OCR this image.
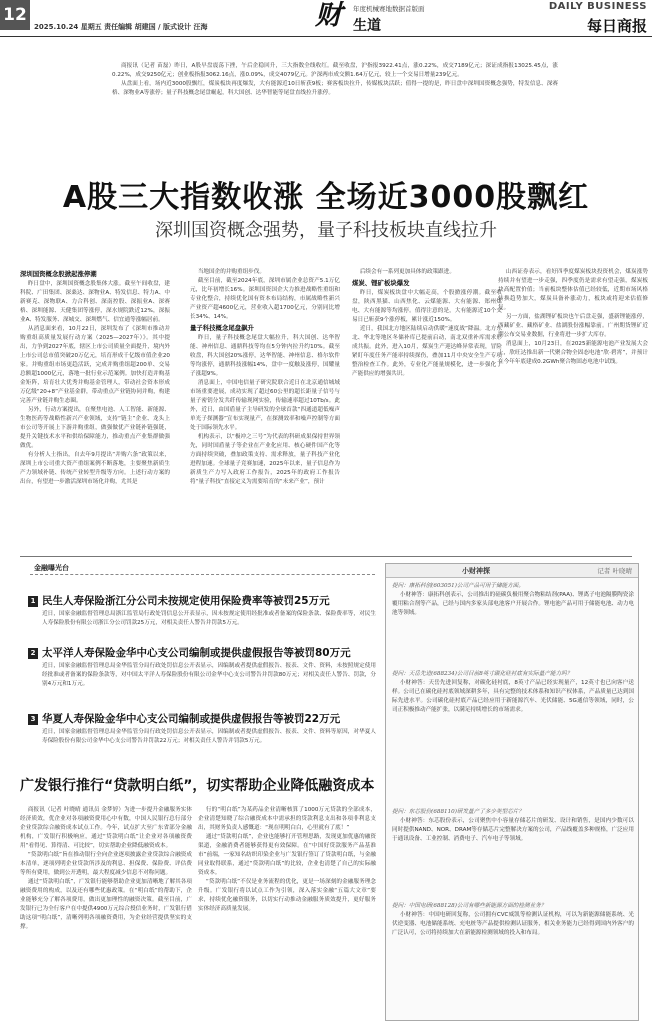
12
2025.10.24 星期五 责任编辑 胡建国 / 版式设计 汪海	财 年度机械赛地数据首版面
生道
DAILY BUSINESS
每日商报

商报讯（记者 苗磊）昨日，A股早盘震荡下挫，午后企稳回升，三大指数全线收红。截至收盘，沪指报3922.41点，涨0.22%，成交7189亿元；深证成指报13025.45点，涨0.22%，成交9250亿元；创业板指报3062.16点，涨0.09%，成交4079亿元。沪深两市成交额1.64万亿元，较上一个交易日增量239亿元。

从盘面上看，场内近3000股飘红，煤炭板块再度爆发，大有能源近10日斩获9板；赛客板块拉升，传媒板块活跃；值得一提的是，昨日盘中深圳国资概念强势，特发信息、深赛格、深物业A等涨停；量子科技概念尾盘崛起，科大国创、达华智能等尾盘直线拉升涨停。

A股三大指数收涨 全场近3000股飘红
深圳国资概念强势，量子科技板块直线拉升
深圳国资概念股掀起涨停潮

昨日盘中，深圳国资概念股集体大涨。截至午间收盘，建科院、广田集团、深桑达、深物业A、特发信息、特力A、中新赛克、深物联A、力合科创、深南控股、深振业A、深赛格、深圳能源、天健集团等涨停，深水规院跌近12%，深振业A、特发服务、深城交、深圳燃气、信宜通等涨幅居前。

从消息面来看，10月22日，深圳发布了《深圳市推动并购重组高质量发展行动方案（2025—2027年）》。其中提出，力争到2027年底，辖区上市公司质量全面提升，境内外上市公司总市值突破20万亿元，培育形成千亿级市值企业20家。并购重组市场更趋活跃，完成并购重组超200单、交易总额超1000亿元，落地一批行业示范案例。加快打造并购基金矩阵，培育壮大优秀并购基金管理人，带动社会资本形成万亿级“20+8”产业基金群，带动重点产业链协同并购，构建完善产业链并购生态圈。

另外，行动方案提出，在聚焦电池、人工智能、新能源、生物医药等战略性新兴产业领域，支持“链主”企业、龙头上市公司等开展上下游并购重组，做强做优产业链补链强链，提升关键技术水平和供给保障能力，推动重点产业集群做强做优。

有分析人士指出，自去年9月提出“并购六条”政策以来，深圳上市公司重大资产重组案例不断落地，主要聚焦新质生产力领域补链、传统产业转型升级等方向。上述行动方案的出台，有望进一步激活深圳市场化并购，尤其是

当地国企的并购重组步伐。

截至目前，截至2024年底，深圳市属企业总资产5.1万亿元，比年初增长16%。深圳国资国企大力推进战略性重组和专业化整合，持续优化国有资本布局结构，市属战略性新兴产业资产超4600亿元，营业收入超1700亿元，分别同比增长34%、14%。

量子科技概念尾盘飙升

昨日，量子科技概念尾盘大幅拉升，科大国创、达华智能、神州信息、通鼎科技等均在5分钟内拉升约10%。截至收盘，科大国创20%涨停，达华智能、神州信息、格尔软件等均涨停，通鼎科技涨幅14%，盘中一度触及涨停，国耀量子涨超9%。

消息面上，中国电信量子研究院联合近日在北京通信城域市场重要进展，成功实现了超过60公里的超长距量子信号与量子密钥分发共纤传输现网实验，传输速率超过10Tb/s。此外，近日，由国盾量子主导研发的全球首款“四通道超低噪声单光子探测器”宣布实现量产，在探测效率和噪声控制等方面处于国际领先水平。

机构表示，以“极冲之三号”为代表的科研成果保持世界领先，同时国盾量子等企业在产业化应用、核心硬件国产化等方面持续突破，叠加政策支持、需求释放，量子科技产业化进程加速。全球量子竞赛加速，2025年以来，量子信息作为新质生产力写入政府工作报告，2025年的政府工作报告将“量子科技”直接定义为需要培育的“未来产业”，预计

后续会有一系列更加具体的政策跟进。

煤炭、锂矿板块爆发

昨日，煤炭板块盘中大幅走高，个股掀涨停潮。截至收盘，陕西黑猫、山西焦化、云煤能源、大有能源、郑州煤电、大有能源等均涨停。值得注意的是，大有能源近10个交易日已斩获9个涨停板，累计涨近150%。

近日，我国北方地区陆续启动供暖“速度战”降温。北方东北、华北等地区冬储补库已提前启动，南北双重补库需求形成共振。此外，进入10月，煤炭生产迎达峰异常表现，冒险紧盯年度任务产能率持续探伤，叠加11月中央安全生产专项整治检查工作。此外，专业化产能量规模化，进一步强化了产能供应的增强共识。

山西证券表示，看好四季度煤炭板块投资机会，煤炭涨势持续并有望进一步走强，四季度仍是需求有望走强，煤炭板块高配置价值；当前板块整体估值已经较低，近期市场风格转换趋势加大，煤炭具备补涨动力，板块或将迎来估值修复。

另一方面，盐湖锂矿板块也午后盘走强，盛新锂能涨停，西藏矿业、藏格矿业、盐湖股份涨幅靠前。广州期货锂矿近期公布交易业数据，行业将进一步扩大库存。

消息面上，10月23日，在2025新能源电池产业发展大会上，欣旺达推出新一代聚合物全固态电池“欣·碧霄”，并预计在今年年底建成0.2GWh聚合物固态电池中试线。

金融曝光台
1 民生人寿保险浙江分公司未按规定使用保险费率等被罚25万元
近日，国家金融监督管理总局浙江监管局行政处罚信息公开表显示，因未按规定使用经批准或者备案的保险条款、保险费率等，对民生人寿保险股份有限公司浙江分公司罚款25万元，对相关责任人警告并罚款5万元。
2 太平洋人寿保险金华中心支公司编制或提供虚假报告等被罚80万元
近日，国家金融监督管理总局金华监管分局行政处罚信息公开表显示，因编制或者提供虚假报告、报表、文件、资料，未按照规定使用经批准或者备案的保险条款等，对中国太平洋人寿保险股份有限公司金华中心支公司警告并罚款80万元；对相关责任人警告、罚款，分别4万元和1万元。
3 华夏人寿保险金华中心支公司编制或提供虚假报告等被罚22万元
近日，国家金融监督管理总局金华监管分局行政处罚信息公开表显示，因编制或者提供虚假报告、报表、文件、资料等原因，对华夏人寿保险股份有限公司金华中心支公司警告并罚款22万元；对相关责任人警告并罚款5万元。
广发银行推行“贷款明白纸”，切实帮助企业降低融资成本

商报讯（记者 叶晓晴 通讯员 金梦婷）为进一步提升金融服务实体经济质效，优企业对各项融资费用心中有数，中国人民银行总行部分企业贷款综合融资成本试点工作。今年，试点扩大至广东省部分金融机构，广发银行积极响应，通过“贷款明白纸”让企业对各项融资费用“看得见、算得清、可比较”，切实帮助企业降低融资成本。

“贷款明白纸”旨在推动银行全向企业逐项披露企业贷款综合融资成本清单，逐项列明企业贷款所涉及的利息、担保费、保险费、评估费等所有费用，做到公开透明，最大程度减少信息不对称问题。

通过“贷款明白纸”，广发银行能够帮助企业更加清晰地了解其各项融资费用的构成，以及还有哪些优惠政策。在“明白纸”的帮助下，企业能够充分了解各项费用，做出更加理性的融资决策。截至目前，广发银行已为全行客户在中提供4900万元综合授信业务时，广发银行借助这项“明白纸”，清晰列明各项融资费用，为企业经营提供坚实的支撑。

行的“明白纸”为某药品企业清晰核算了1000万元贷款的全部成本，企业清楚知晓了综合融资成本中需承担的贷款利息支出和各项非利息支出，其财务负责人感慨道：“现在明明白白，心里就有了底！”

通过“贷款明白纸”，企业也能够打开管理思路，发现更加优惠的融资渠道，金融消费者能够获得更有效保障。在“中国好贷款服务产品基准市”前端，一家知名纺织印染企业与广发银行签订了贷款明白纸，与金融同业取得联系，通过“贷款明白纸”的比较，企业也清楚了自己的实际融资成本。

“贷款明白纸”不仅是业务流程的优化，更是一场深刻的金融服务理念升级。广发银行将以试点工作为引领，深入落实金融“五篇大文章”要求，持续优化融资服务，以切实行动推动金融服务质效提升，更好服务实体经济高质量发展。

小财神探	记者 叶晓晴

提问：康拓科创(603051)公司产品可用于储能方面。

小财神答：康拓科创表示，公司推出的硅碳负极用聚合物粘结剂(PAA)、锂离子电池隔膜陶瓷涂覆用粘合剂等产品，已经与国内多家头部电池客户开展合作。锂电池产品可用于储能电池、动力电池等领域。

提问：天岳先进(688234)公司目前8英寸碳化硅衬底有实际量产能力吗？

小财神答：天岳先进回复称，对碳化硅衬底，8英寸产品已经实现量产，12英寸也已向客户送样。公司已在碳化硅衬底领域深耕多年，具有完整的技术体系和知识产权体系，产品质量已达到国际先进水平。公司碳化硅衬底产品已经应用于新能源汽车、光伏储能、5G通信等领域，同时，公司正积极推动产能扩张，以满足持续增长的市场需求。

提问：东芯股份(688110)研发量产了多少类型芯片？

小财神答：东芯股份表示，公司聚焦中小容量存储芯片的研发、设计和销售，是国内少数可以同时提供NAND、NOR、DRAM等存储芯片完整解决方案的公司，产品线覆盖多种规格，广泛应用于通讯设备、工业控制、消费电子、汽车电子等领域。

提问：中国电研(688128)公司有哪些新能源方面的检测业务？

小财神答：中国电研回复称，公司拥有CVC威凯等检测认证机构，可以为新能源储能系统、光伏逆变器、电池储能系统、充电桩等产品提供检测认证服务，相关业务能力已经得到国内外客户的广泛认可，公司将持续加大在新能源检测领域的投入和布局。
